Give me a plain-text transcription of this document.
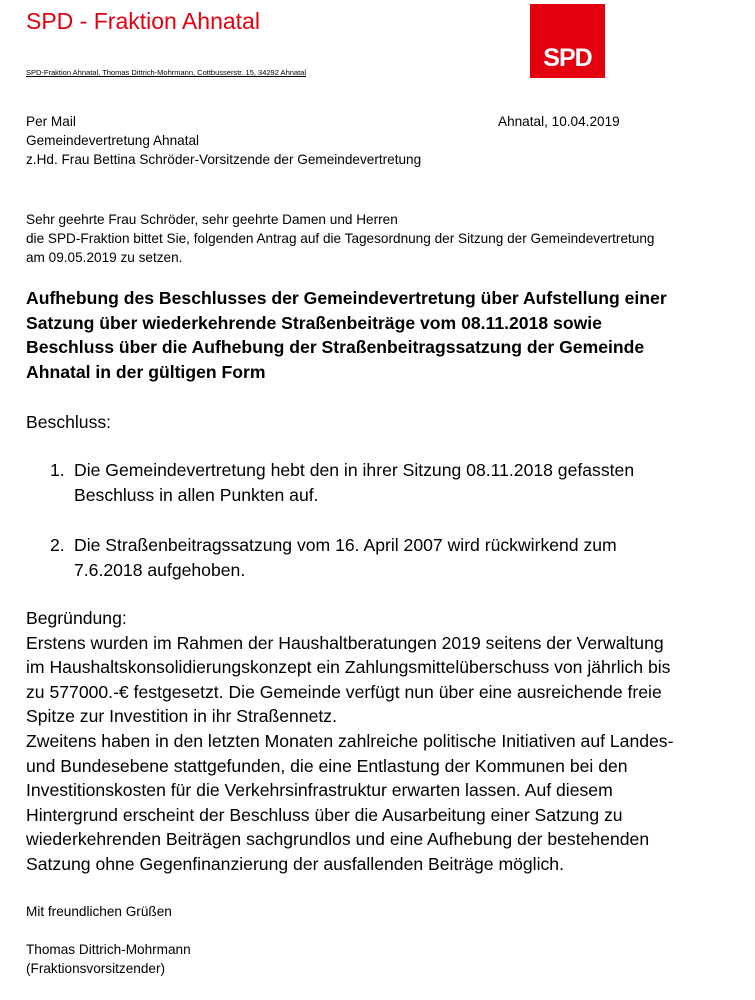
SPD - Fraktion Ahnatal
SPD-Fraktion Ahnatal, Thomas Dittrich-Mohrmann, Cottbusserstr. 15, 34292 Ahnatal
SPD
Per Mail
Gemeindevertretung Ahnatal
z.Hd. Frau Bettina Schröder-Vorsitzende der Gemeindevertretung
Ahnatal, 10.04.2019
Sehr geehrte Frau Schröder, sehr geehrte Damen und Herren
die SPD-Fraktion bittet Sie, folgenden Antrag auf die Tagesordnung der Sitzung der Gemeindevertretung
am 09.05.2019 zu setzen.
Aufhebung des Beschlusses der Gemeindevertretung über Aufstellung einer
Satzung über wiederkehrende Straßenbeiträge vom 08.11.2018 sowie
Beschluss über die Aufhebung der Straßenbeitragssatzung der Gemeinde
Ahnatal in der gültigen Form
Beschluss:
1. Die Gemeindevertretung hebt den in ihrer Sitzung 08.11.2018 gefassten
Beschluss in allen Punkten auf.
2. Die Straßenbeitragssatzung vom 16. April 2007 wird rückwirkend zum
7.6.2018 aufgehoben.
Begründung:
Erstens wurden im Rahmen der Haushaltberatungen 2019 seitens der Verwaltung
im Haushaltskonsolidierungskonzept ein Zahlungsmittelüberschuss von jährlich bis
zu 577000.-€ festgesetzt. Die Gemeinde verfügt nun über eine ausreichende freie
Spitze zur Investition in ihr Straßennetz.
Zweitens haben in den letzten Monaten zahlreiche politische Initiativen auf Landes-
und Bundesebene stattgefunden, die eine Entlastung der Kommunen bei den
Investitionskosten für die Verkehrsinfrastruktur erwarten lassen. Auf diesem
Hintergrund erscheint der Beschluss über die Ausarbeitung einer Satzung zu
wiederkehrenden Beiträgen sachgrundlos und eine Aufhebung der bestehenden
Satzung ohne Gegenfinanzierung der ausfallenden Beiträge möglich.
Mit freundlichen Grüßen
Thomas Dittrich-Mohrmann
(Fraktionsvorsitzender)
